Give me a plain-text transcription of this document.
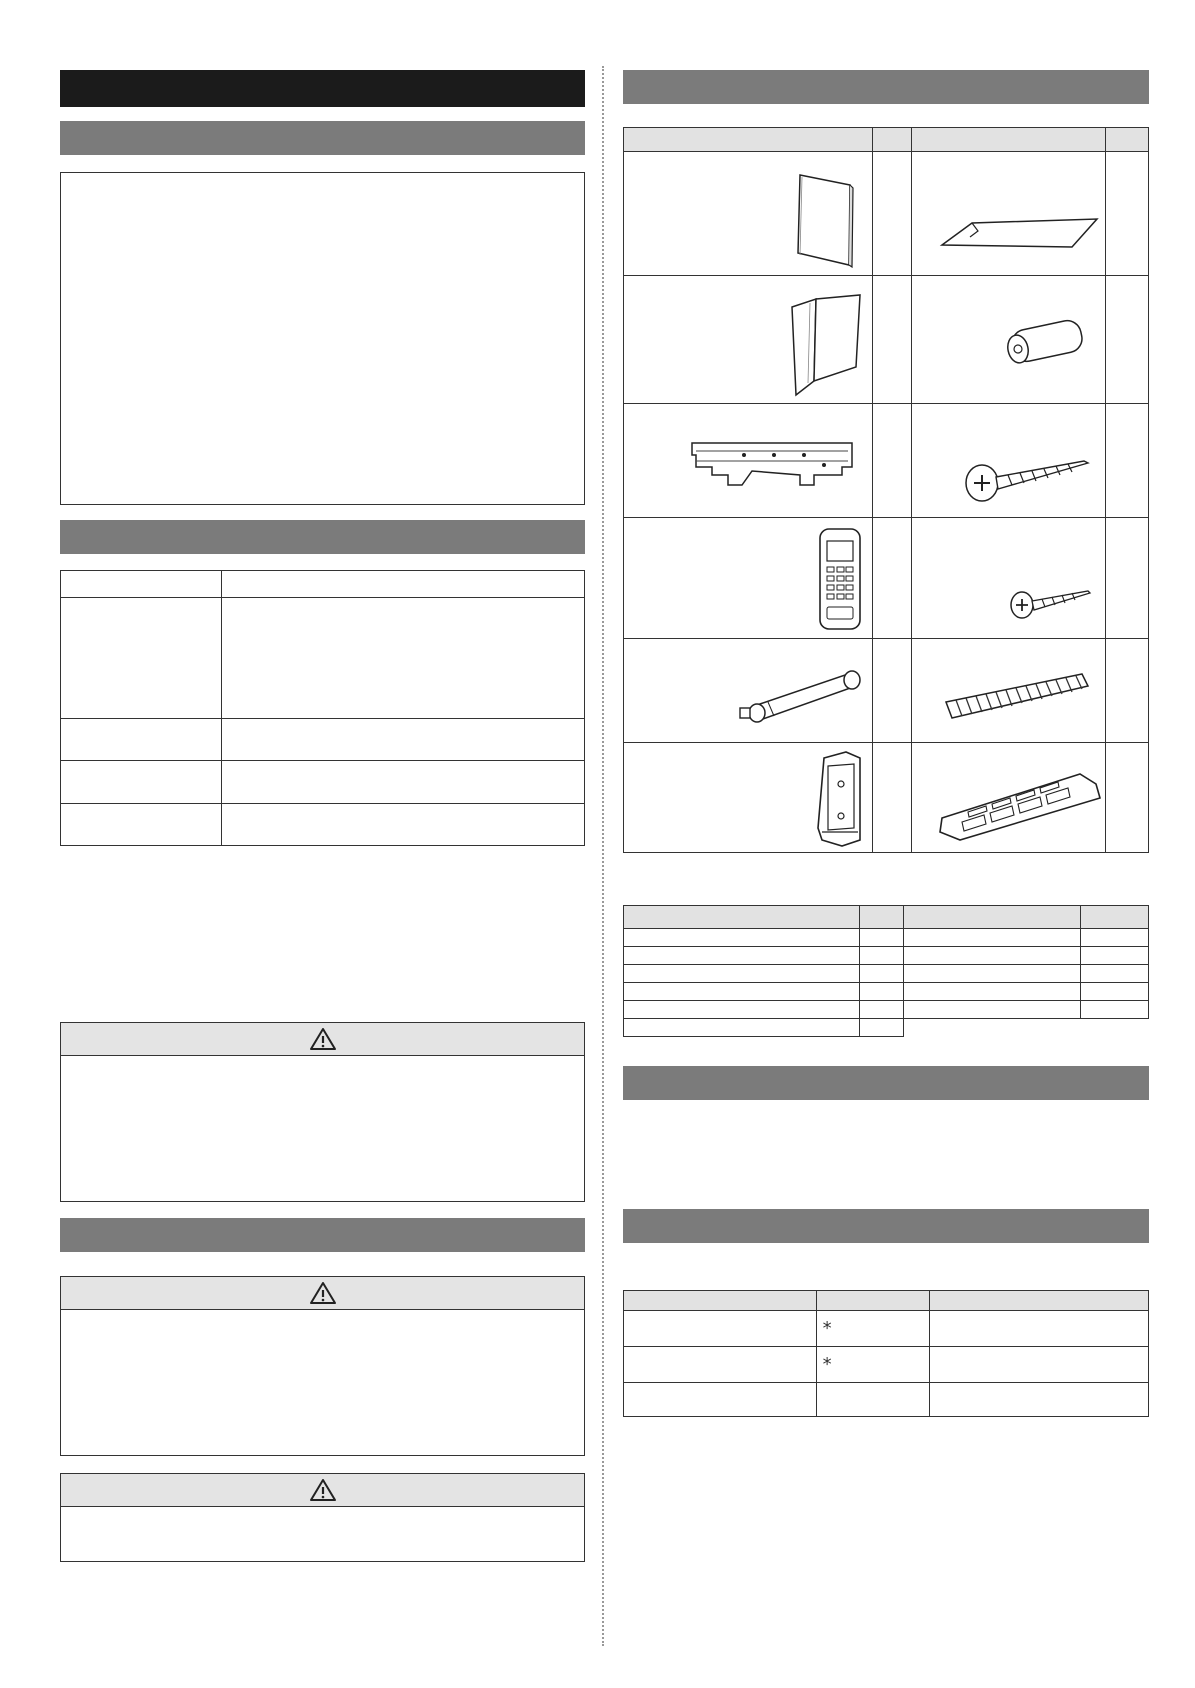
	*	
	*	
